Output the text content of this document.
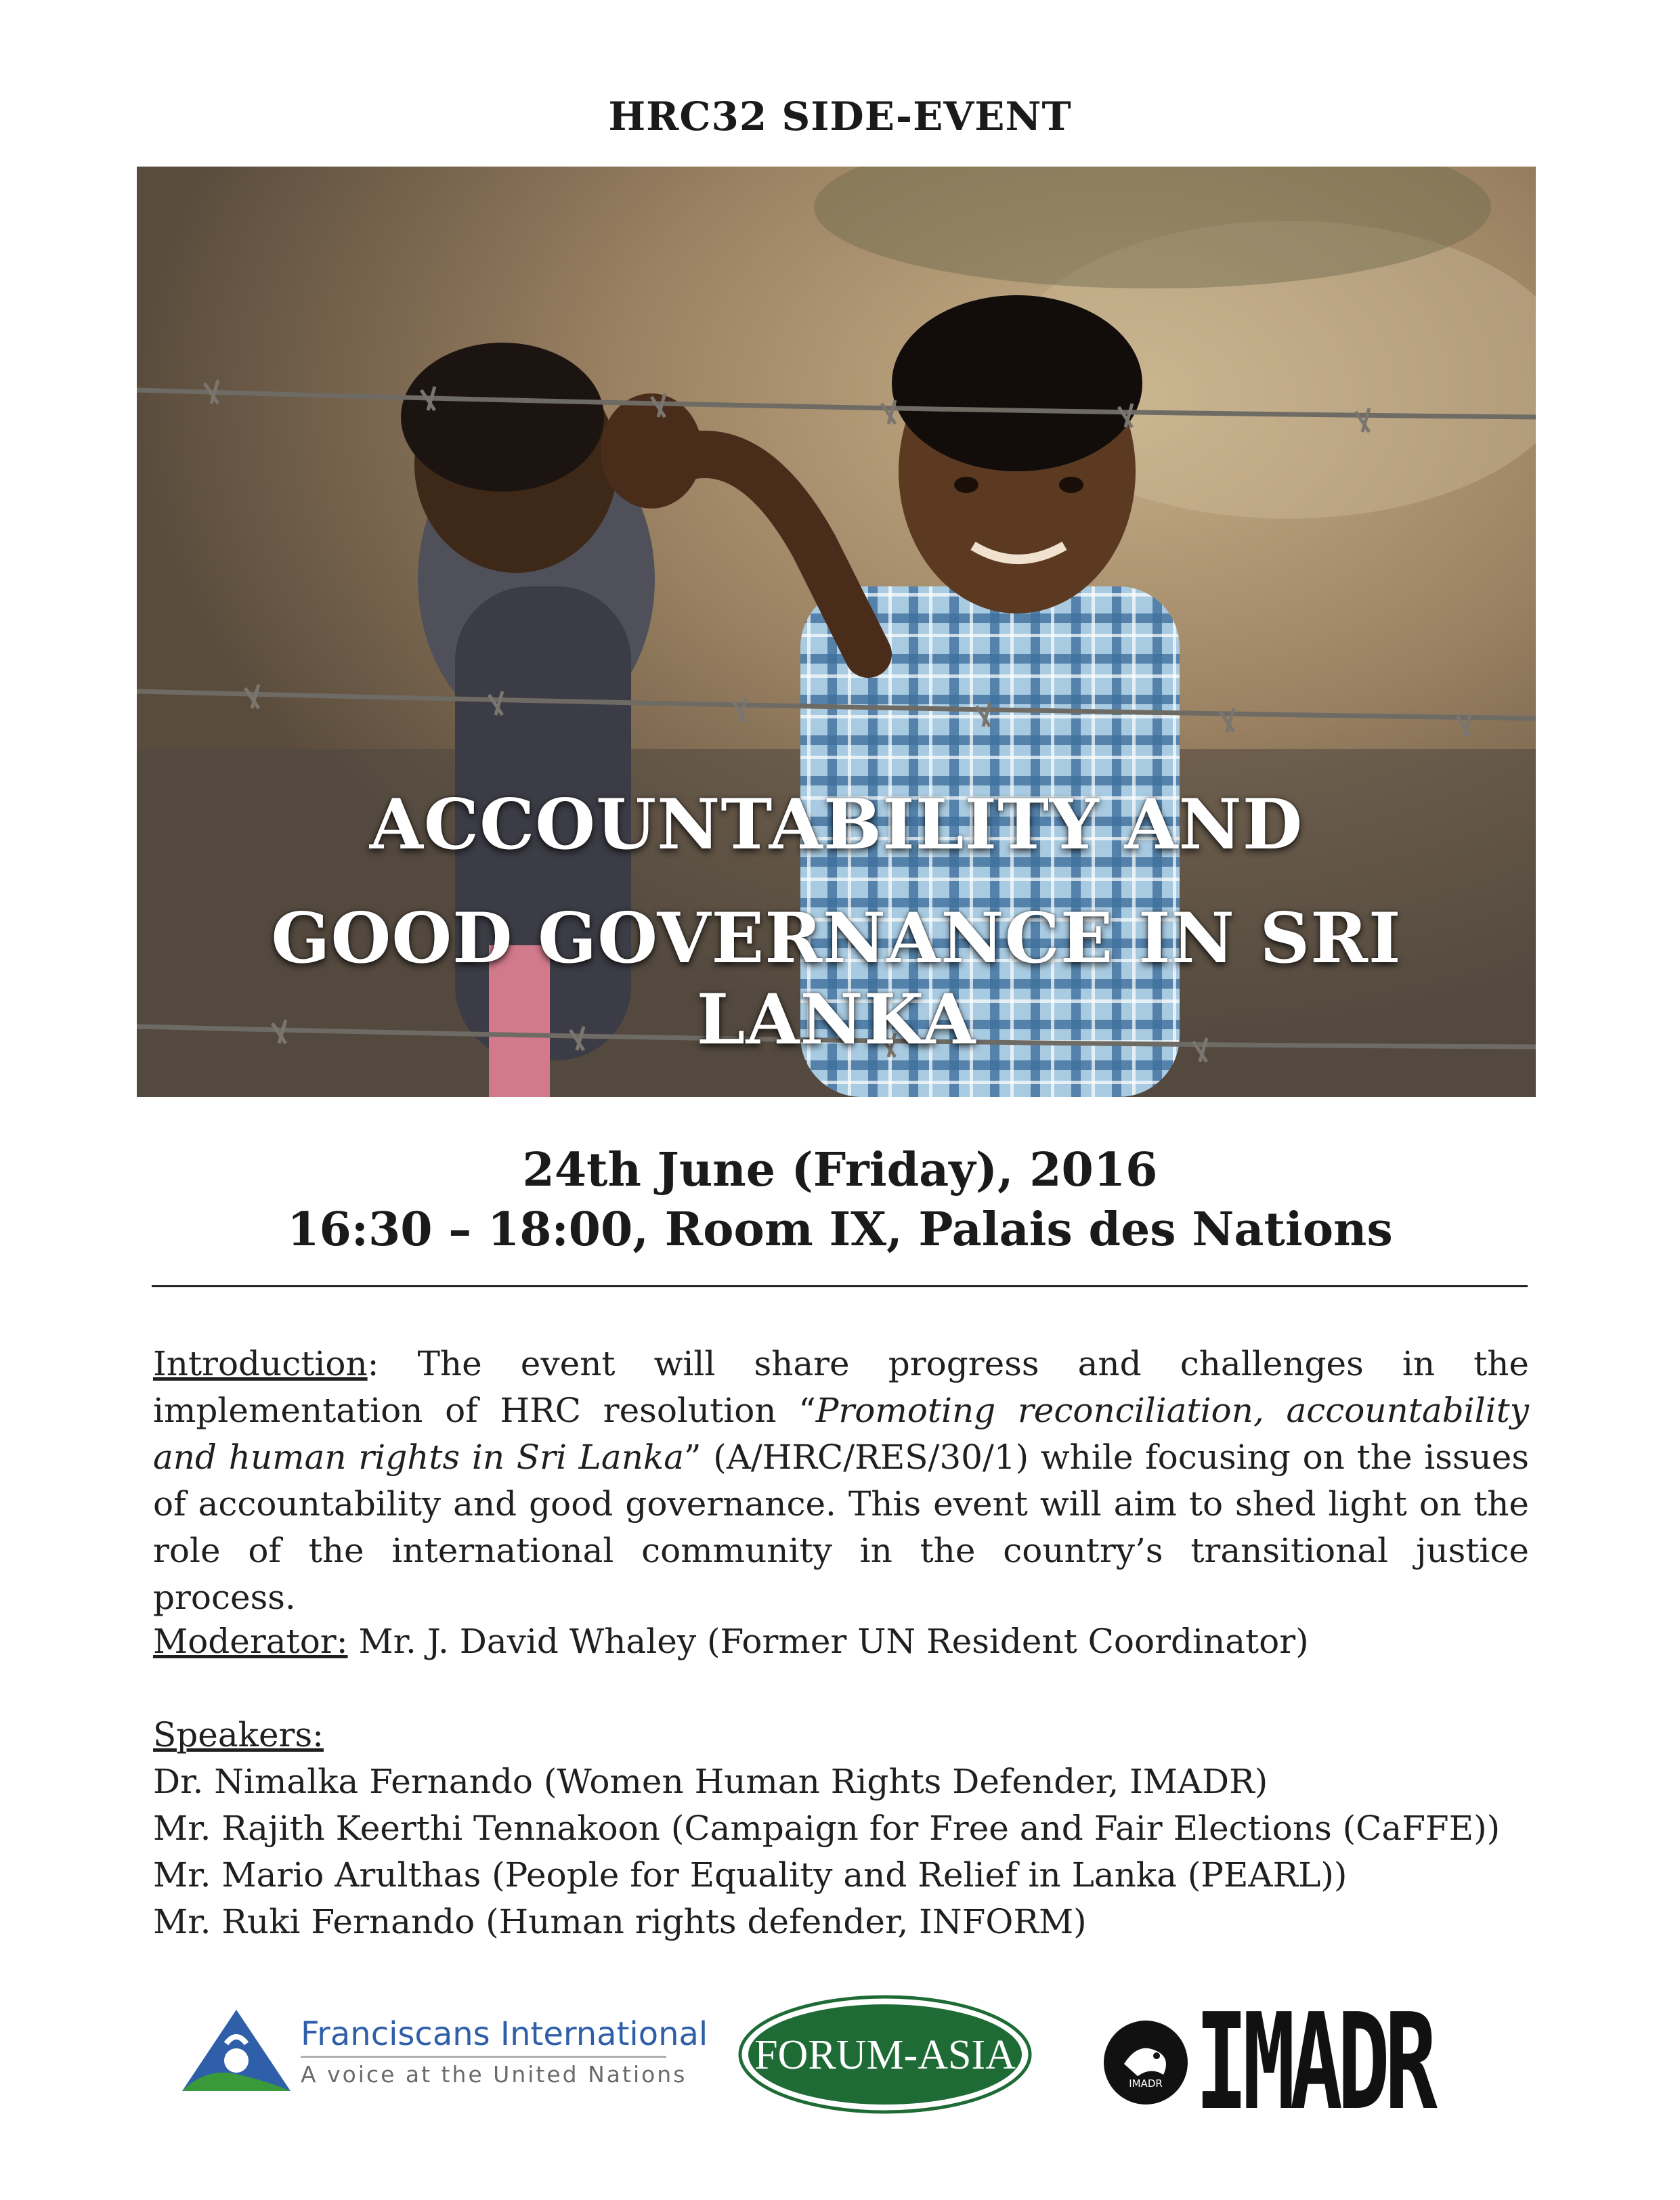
HRC32 SIDE-EVENT
ACCOUNTABILITY AND
GOOD GOVERNANCE IN SRI LANKA
24th June (Friday), 2016
16:30 – 18:00, Room IX, Palais des Nations
Introduction: The event will share progress and challenges in the implementation of HRC resolution “Promoting reconciliation, accountability and human rights in Sri Lanka” (A/HRC/RES/30/1) while focusing on the issues of accountability and good governance. This event will aim to shed light on the role of the international community in the country’s transitional justice process.
Moderator: Mr. J. David Whaley (Former UN Resident Coordinator)
Speakers:
Dr. Nimalka Fernando (Women Human Rights Defender, IMADR)
Mr. Rajith Keerthi Tennakoon (Campaign for Free and Fair Elections (CaFFE))
Mr. Mario Arulthas (People for Equality and Relief in Lanka (PEARL))
Mr. Ruki Fernando (Human rights defender, INFORM)
Franciscans International
A voice at the United Nations	FORUM-ASIA
IMADR IMADR
